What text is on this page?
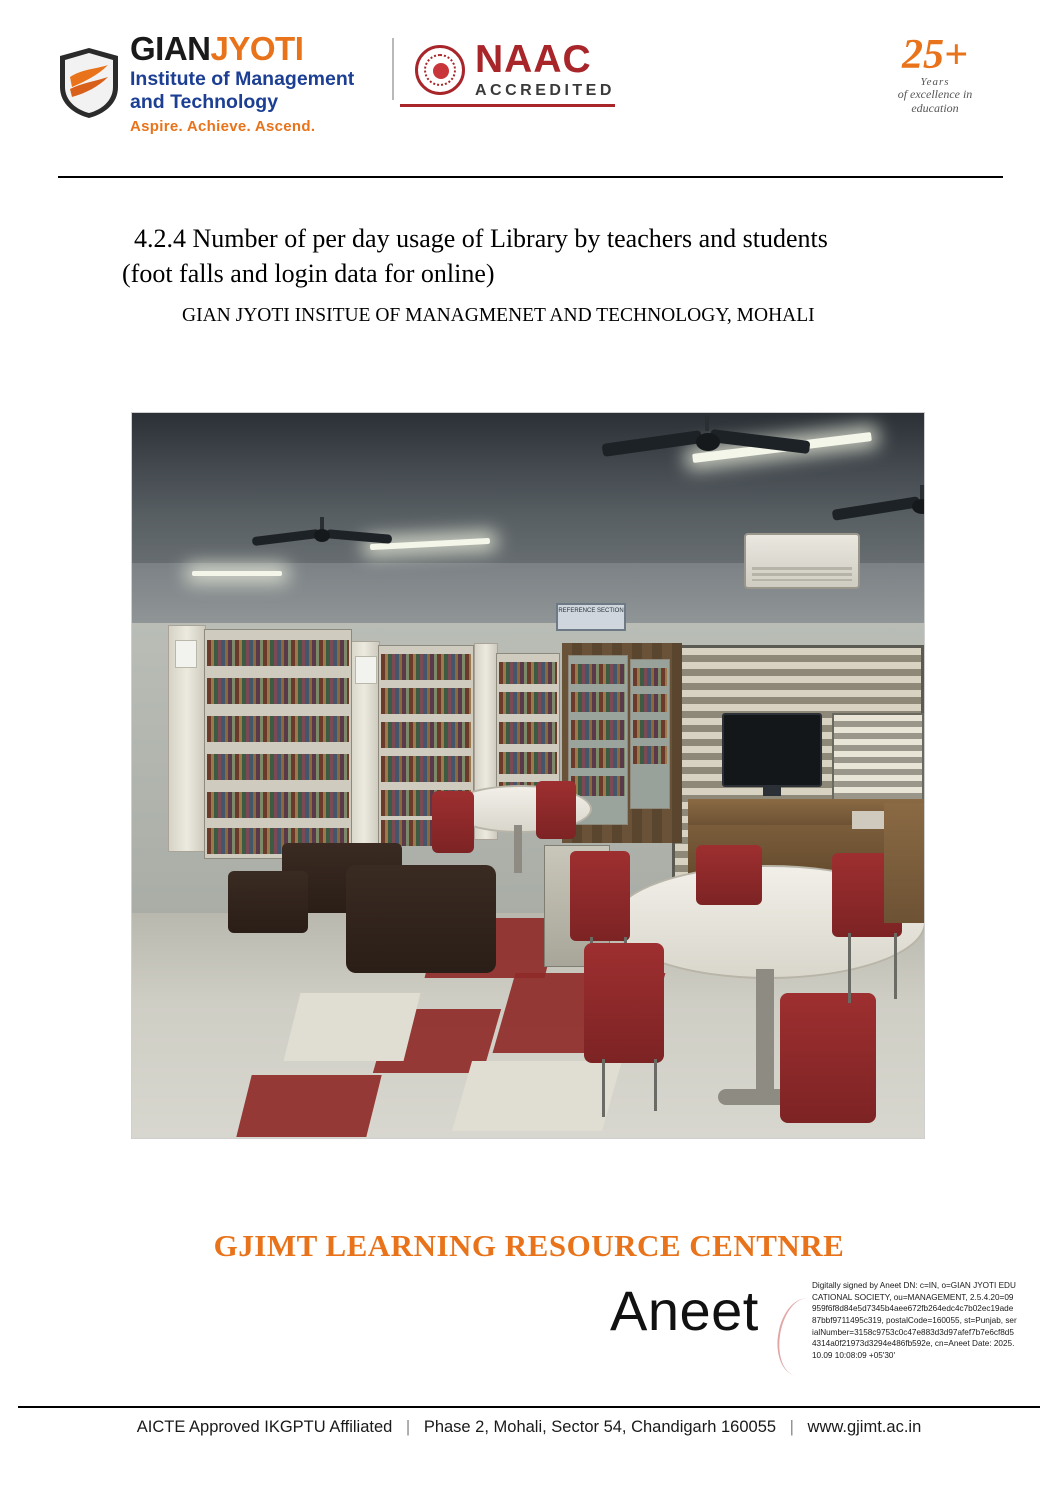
GIANJYOTI
Institute of Management
and Technology
Aspire. Achieve. Ascend.
NAAC
ACCREDITED
25+
Years
of excellence in
education
4.2.4 Number of per day usage of Library by teachers and students
(foot falls and login data for online)
GIAN JYOTI INSITUE OF MANAGMENET AND TECHNOLOGY, MOHALI
REFERENCE SECTION
GJIMT LEARNING RESOURCE CENTNRE
Aneet	Digitally signed by Aneet DN: c=IN, o=GIAN JYOTI EDUCATIONAL SOCIETY, ou=MANAGEMENT, 2.5.4.20=09959f6f8d84e5d7345b4aee672fb264edc4c7b02ec19ade87bbf9711495c319, postalCode=160055, st=Punjab, serialNumber=3158c9753c0c47e883d3d97afef7b7e6cf8d54314a0f21973d3294e486fb592e, cn=Aneet Date: 2025.10.09 10:08:09 +05'30'
AICTE Approved IKGPTU Affiliated | Phase 2, Mohali, Sector 54, Chandigarh 160055 | www.gjimt.ac.in
